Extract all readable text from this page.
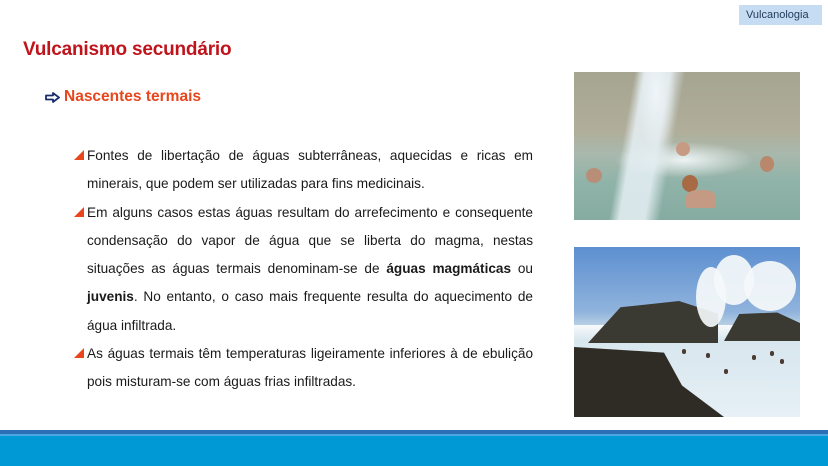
Vulcanologia
Vulcanismo secundário
Nascentes termais
Fontes de libertação de águas subterrâneas, aquecidas e ricas em minerais, que podem ser utilizadas para fins medicinais.
Em alguns casos estas águas resultam do arrefecimento e consequente condensação do vapor de água que se liberta do magma, nestas situações as águas termais denominam-se de águas magmáticas ou juvenis. No entanto, o caso mais frequente resulta do aquecimento de água infiltrada.
As águas termais têm temperaturas ligeiramente inferiores à de ebulição pois misturam-se com águas frias infiltradas.
